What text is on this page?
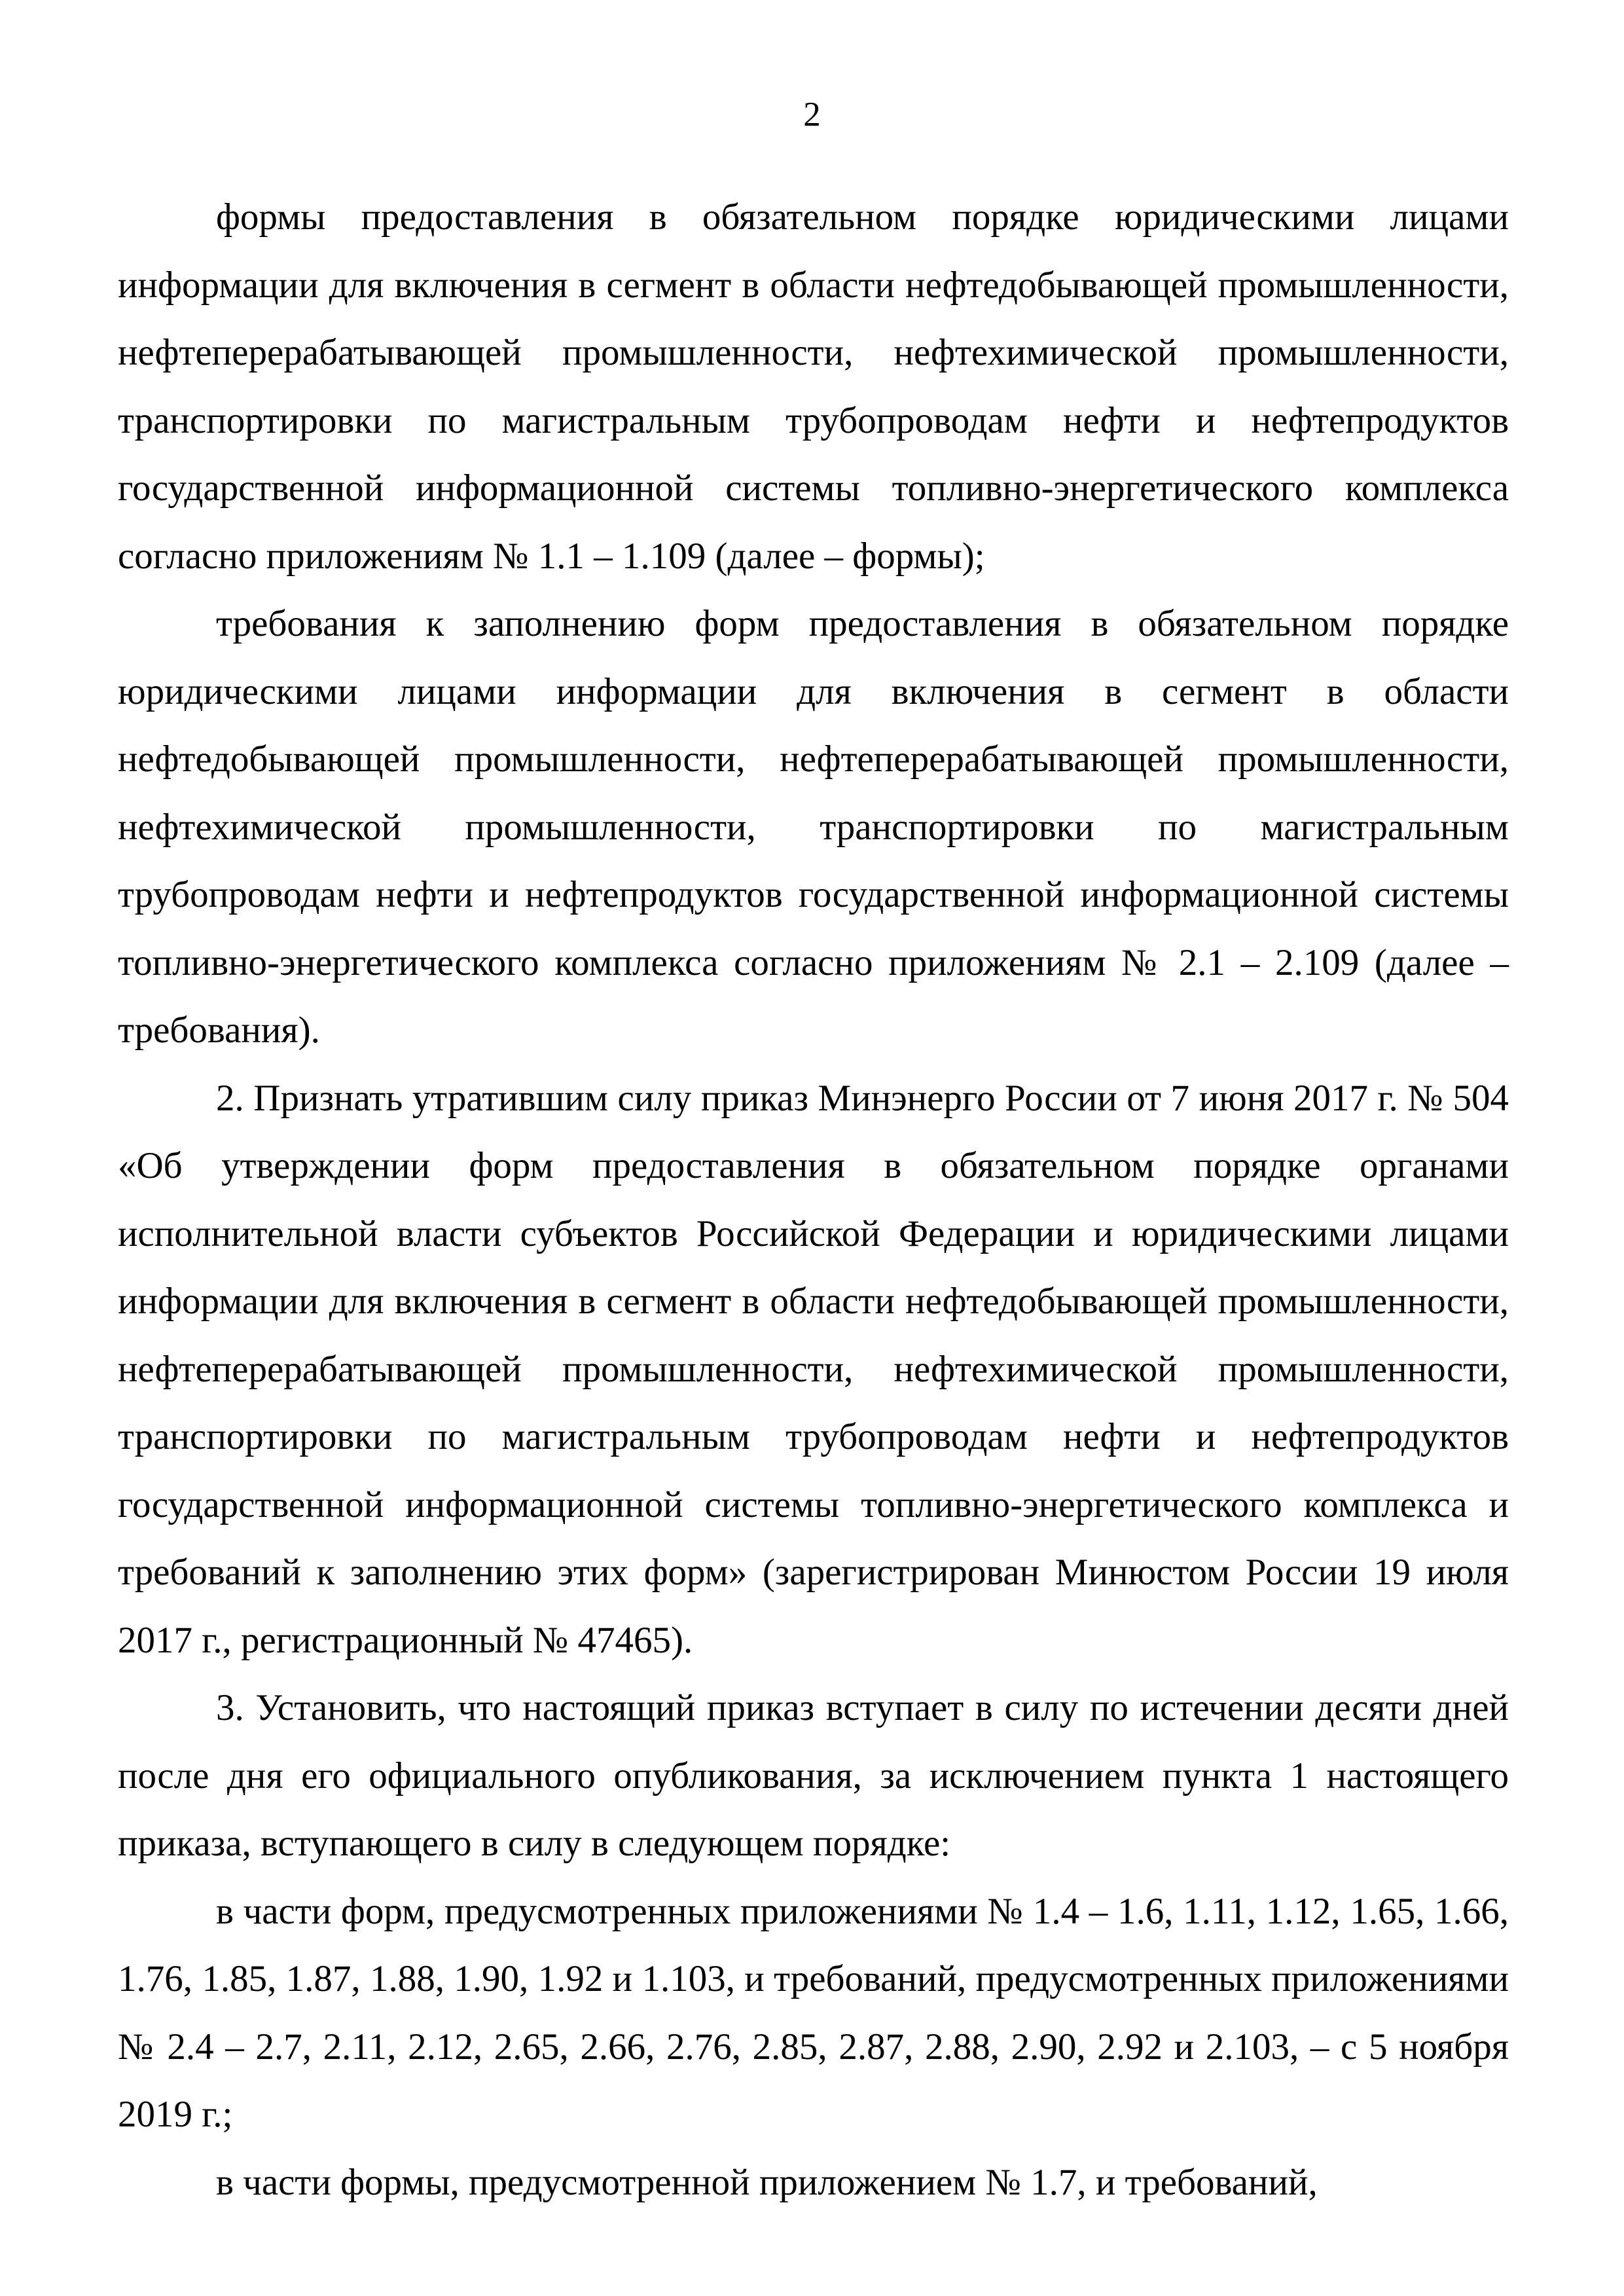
2

формы предоставления в обязательном порядке юридическими лицами информации для включения в сегмент в области нефтедобывающей промышленности, нефтеперерабатывающей промышленности, нефтехимической промышленности, транспортировки по магистральным трубопроводам нефти и нефтепродуктов государственной информационной системы топливно-энергетического комплекса согласно приложениям № 1.1 – 1.109 (далее – формы);

требования к заполнению форм предоставления в обязательном порядке юридическими лицами информации для включения в сегмент в области нефтедобывающей промышленности, нефтеперерабатывающей промышленности, нефтехимической промышленности, транспортировки по магистральным трубопроводам нефти и нефтепродуктов государственной информационной системы топливно-энергетического комплекса согласно приложениям № 2.1 – 2.109 (далее – требования).

2. Признать утратившим силу приказ Минэнерго России от 7 июня 2017 г. № 504 «Об утверждении форм предоставления в обязательном порядке органами исполнительной власти субъектов Российской Федерации и юридическими лицами информации для включения в сегмент в области нефтедобывающей промышленности, нефтеперерабатывающей промышленности, нефтехимической промышленности, транспортировки по магистральным трубопроводам нефти и нефтепродуктов государственной информационной системы топливно-энергетического комплекса и требований к заполнению этих форм» (зарегистрирован Минюстом России 19 июля 2017 г., регистрационный № 47465).

3. Установить, что настоящий приказ вступает в силу по истечении десяти дней после дня его официального опубликования, за исключением пункта 1 настоящего приказа, вступающего в силу в следующем порядке:

в части форм, предусмотренных приложениями № 1.4 – 1.6, 1.11, 1.12, 1.65, 1.66, 1.76, 1.85, 1.87, 1.88, 1.90, 1.92 и 1.103, и требований, предусмотренных приложениями № 2.4 – 2.7, 2.11, 2.12, 2.65, 2.66, 2.76, 2.85, 2.87, 2.88, 2.90, 2.92 и 2.103, – с 5 ноября 2019 г.;

в части формы, предусмотренной приложением № 1.7, и требований,
